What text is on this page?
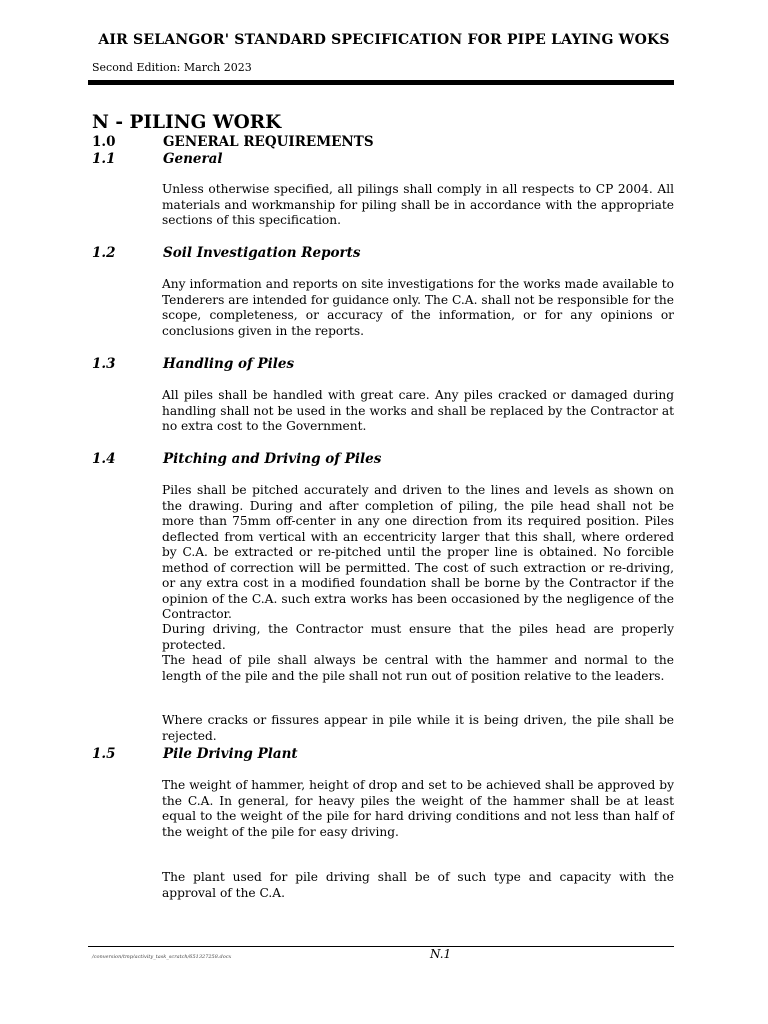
AIR SELANGOR' STANDARD SPECIFICATION FOR PIPE LAYING WOKS
Second Edition: March 2023
N - PILING WORK
1.0	GENERAL REQUIREMENTS
1.1	General
Unless otherwise specified, all pilings shall comply in all respects to CP 2004. All materials and workmanship for piling shall be in accordance with the appropriate sections of this specification.
1.2	Soil Investigation Reports
Any information and reports on site investigations for the works made available to Tenderers are intended for guidance only. The C.A. shall not be responsible for the scope, completeness, or accuracy of the information, or for any opinions or conclusions given in the reports.
1.3	Handling of Piles
All piles shall be handled with great care. Any piles cracked or damaged during handling shall not be used in the works and shall be replaced by the Contractor at no extra cost to the Government.
1.4	Pitching and Driving of Piles
Piles shall be pitched accurately and driven to the lines and levels as shown on the drawing. During and after completion of piling, the pile head shall not be more than 75mm off-center in any one direction from its required position. Piles deflected from vertical with an eccentricity larger that this shall, where ordered by C.A. be extracted or re-pitched until the proper line is obtained. No forcible method of correction will be permitted. The cost of such extraction or re-driving, or any extra cost in a modified foundation shall be borne by the Contractor if the opinion of the C.A. such extra works has been occasioned by the negligence of the Contractor.
During driving, the Contractor must ensure that the piles head are properly protected.
The head of pile shall always be central with the hammer and normal to the length of the pile and the pile shall not run out of position relative to the leaders.
Where cracks or fissures appear in pile while it is being driven, the pile shall be rejected.
1.5	Pile Driving Plant
The weight of hammer, height of drop and set to be achieved shall be approved by the C.A. In general, for heavy piles the weight of the hammer shall be at least equal to the weight of the pile for hard driving conditions and not less than half of the weight of the pile for easy driving.
The plant used for pile driving shall be of such type and capacity with the approval of the C.A.
/conversion/tmp/activity_task_scratch/651327258.docx	N.1
